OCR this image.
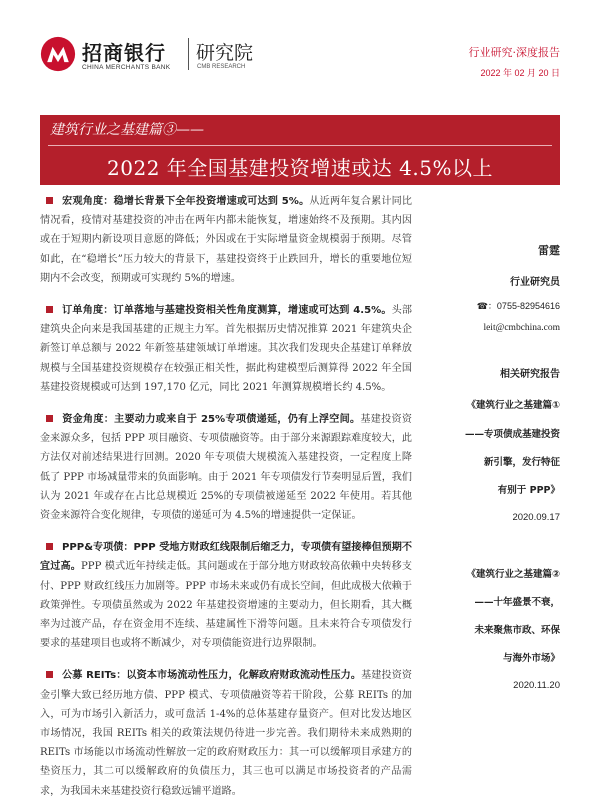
招商银行
CHINA MERCHANTS BANK
研究院
CMB RESEARCH
行业研究·深度报告
2022 年 02 月 20 日
建筑行业之基建篇③——
2022 年全国基建投资增速或达 4.5%以上

宏观角度：稳增长背景下全年投资增速或可达到 5%。从近两年复合累计同比情况看，疫情对基建投资的冲击在两年内都未能恢复，增速始终不及预期。其内因或在于短期内新设项目意愿的降低；外因或在于实际增量资金规模弱于预期。尽管如此，在“稳增长”压力较大的背景下，基建投资终于止跌回升，增长的重要地位短期内不会改变，预期或可实现约 5%的增速。

订单角度：订单落地与基建投资相关性角度测算，增速或可达到 4.5%。头部建筑央企向来是我国基建的正规主力军。首先根据历史情况推算 2021 年建筑央企新签订单总额与 2022 年新签基建领域订单增速。其次我们发现央企基建订单释放规模与全国基建投资规模存在较强正相关性，据此构建模型后测算得 2022 年全国基建投资规模或可达到 197,170 亿元，同比 2021 年测算规模增长约 4.5%。

资金角度：主要动力或来自于 25%专项债递延，仍有上浮空间。基建投资资金来源众多，包括 PPP 项目融资、专项债融资等。由于部分来源跟踪难度较大，此方法仅对前述结果进行回测。2020 年专项债大规模流入基建投资，一定程度上降低了 PPP 市场减量带来的负面影响。由于 2021 年专项债发行节奏明显后置，我们认为 2021 年或存在占比总规模近 25%的专项债被递延至 2022 年使用。若其他资金来源符合变化规律，专项债的递延可为 4.5%的增速提供一定保证。

PPP&专项债：PPP 受地方财政红线限制后缩乏力，专项债有望接棒但预期不宜过高。PPP 模式近年持续走低。其问题或在于部分地方财政较高依赖中央转移支付、PPP 财政红线压力加剧等。PPP 市场未来或仍有成长空间，但此成极大依赖于政策弹性。专项债虽然或为 2022 年基建投资增速的主要动力，但长期看，其大概率为过渡产品，存在资金用不连续、基建属性下滑等问题。且未来符合专项债发行要求的基建项目也或将不断减少，对专项债能资进行边界限制。

公募 REITs：以资本市场流动性压力，化解政府财政流动性压力。基建投资资金引擎大致已经历地方债、PPP 模式、专项债融资等若干阶段，公募 REITs 的加入，可为市场引入新活力，或可盘活 1-4%的总体基建存量资产。但对比发达地区市场情况，我国 REITs 相关的政策法规仍待进一步完善。我们期待未来成熟期的 REITs 市场能以市场流动性解放一定的政府财政压力：其一可以缓解项目承建方的垫资压力，其二可以缓解政府的负债压力，其三也可以满足市场投资者的产品需求，为我国未来基建投资行稳致远铺平道路。

雷霆
行业研究员
☎：0755-82954616
leit@cmbchina.com
相关研究报告
《建筑行业之基建篇①
——专项债成基建投资
新引擎，发行特征
有别于 PPP》
2020.09.17
《建筑行业之基建篇②
——十年盛景不衰，
未来聚焦市政、环保
与海外市场》
2020.11.20
